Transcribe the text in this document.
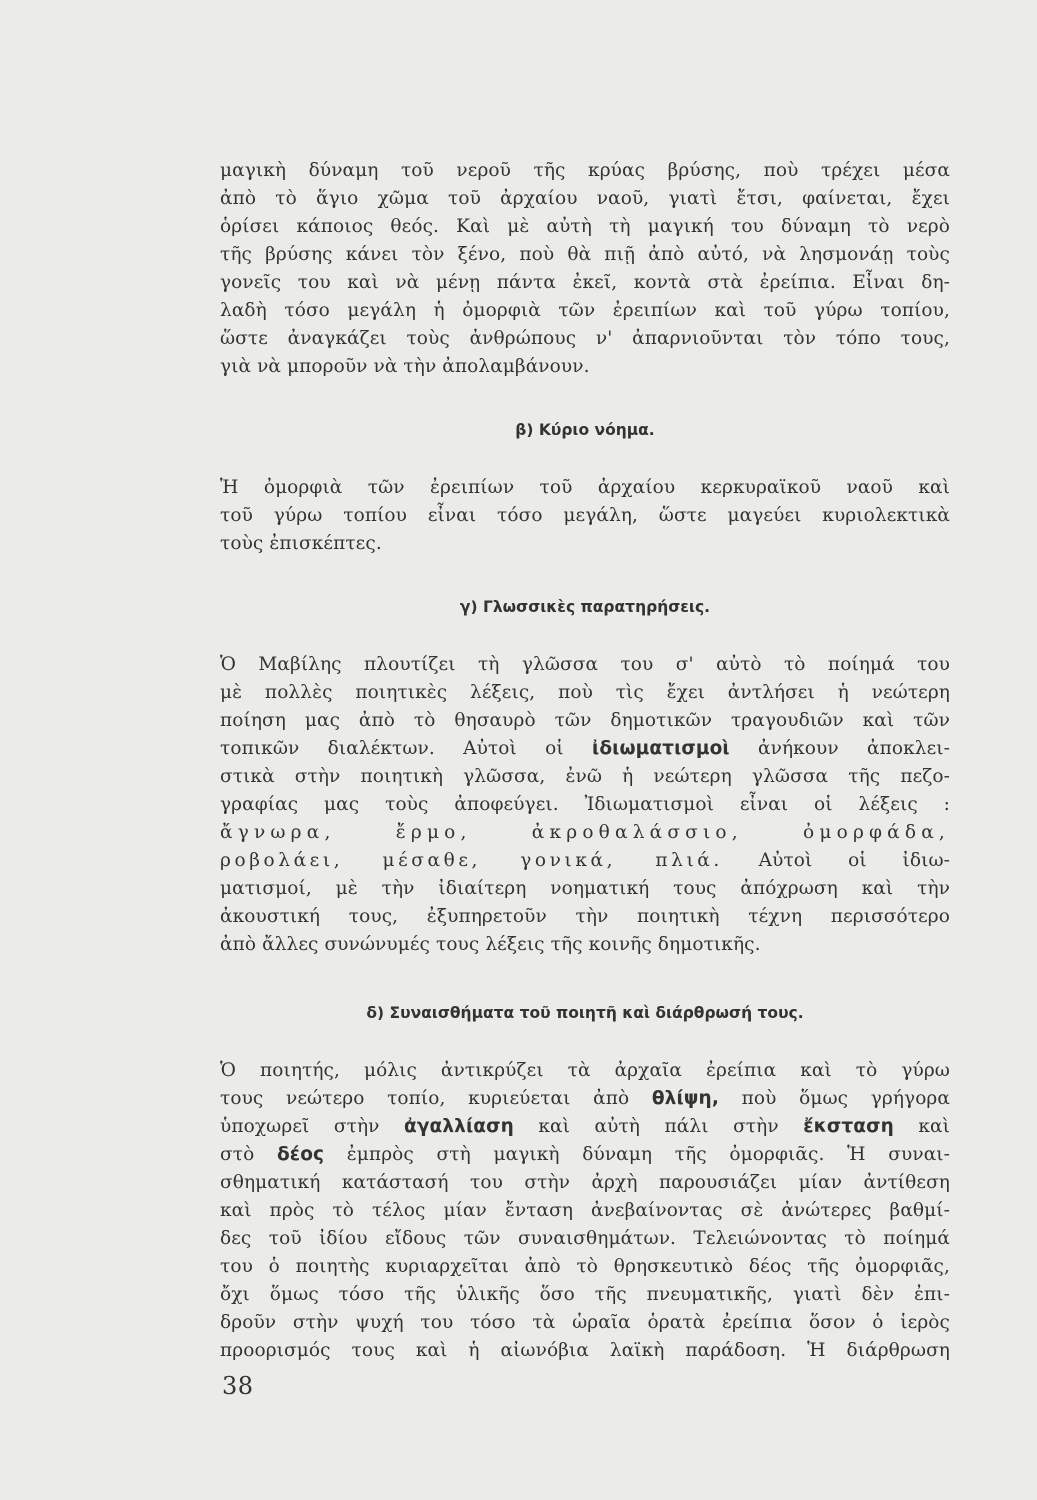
μαγικὴ δύναμη τοῦ νεροῦ τῆς κρύας βρύσης, ποὺ τρέχει μέσα
ἀπὸ τὸ ἅγιο χῶμα τοῦ ἀρχαίου ναοῦ, γιατὶ ἔτσι, φαίνεται, ἔχει
ὁρίσει κάποιος θεός. Καὶ μὲ αὐτὴ τὴ μαγική του δύναμη τὸ νερὸ
τῆς βρύσης κάνει τὸν ξένο, ποὺ θὰ πιῇ ἀπὸ αὐτό, νὰ λησμονάῃ τοὺς
γονεῖς του καὶ νὰ μένῃ πάντα ἐκεῖ, κοντὰ στὰ ἐρείπια. Εἶναι δη-
λαδὴ τόσο μεγάλη ἡ ὀμορφιὰ τῶν ἐρειπίων καὶ τοῦ γύρω τοπίου,
ὥστε ἀναγκάζει τοὺς ἀνθρώπους ν' ἀπαρνιοῦνται τὸν τόπο τους,
γιὰ νὰ μποροῦν νὰ τὴν ἀπολαμβάνουν.
β) Κύριο νόημα.
Ἡ ὀμορφιὰ τῶν ἐρειπίων τοῦ ἀρχαίου κερκυραϊκοῦ ναοῦ καὶ
τοῦ γύρω τοπίου εἶναι τόσο μεγάλη, ὥστε μαγεύει κυριολεκτικὰ
τοὺς ἐπισκέπτες.
γ) Γλωσσικὲς παρατηρήσεις.
Ὁ Μαβίλης πλουτίζει τὴ γλῶσσα του σ' αὐτὸ τὸ ποίημά του
μὲ πολλὲς ποιητικὲς λέξεις, ποὺ τὶς ἔχει ἀντλήσει ἡ νεώτερη
ποίηση μας ἀπὸ τὸ θησαυρὸ τῶν δημοτικῶν τραγουδιῶν καὶ τῶν
τοπικῶν διαλέκτων. Αὐτοὶ οἱ ἰδιωματισμοὶ ἀνήκουν ἀποκλει-
στικὰ στὴν ποιητικὴ γλῶσσα, ἐνῶ ἡ νεώτερη γλῶσσα τῆς πεζο-
γραφίας μας τοὺς ἀποφεύγει. Ἰδιωματισμοὶ εἶναι οἱ λέξεις :
ἄγνωρα, ἔρμο, ἀκροθαλάσσιο, ὀμορφάδα,
ροβολάει, μέσαθε, γονικά, πλιά. Αὐτοὶ οἱ ἰδιω-
ματισμοί, μὲ τὴν ἰδιαίτερη νοηματική τους ἀπόχρωση καὶ τὴν
ἀκουστική τους, ἐξυπηρετοῦν τὴν ποιητικὴ τέχνη περισσότερο
ἀπὸ ἄλλες συνώνυμές τους λέξεις τῆς κοινῆς δημοτικῆς.
δ) Συναισθήματα τοῦ ποιητῆ καὶ διάρθρωσή τους.
Ὁ ποιητής, μόλις ἀντικρύζει τὰ ἀρχαῖα ἐρείπια καὶ τὸ γύρω
τους νεώτερο τοπίο, κυριεύεται ἀπὸ θλίψη, ποὺ ὅμως γρήγορα
ὑποχωρεῖ στὴν ἀγαλλίαση καὶ αὐτὴ πάλι στὴν ἔκσταση καὶ
στὸ δέος ἐμπρὸς στὴ μαγικὴ δύναμη τῆς ὀμορφιᾶς. Ἡ συναι-
σθηματική κατάστασή του στὴν ἀρχὴ παρουσιάζει μίαν ἀντίθεση
καὶ πρὸς τὸ τέλος μίαν ἔνταση ἀνεβαίνοντας σὲ ἀνώτερες βαθμί-
δες τοῦ ἰδίου εἴδους τῶν συναισθημάτων. Τελειώνοντας τὸ ποίημά
του ὁ ποιητὴς κυριαρχεῖται ἀπὸ τὸ θρησκευτικὸ δέος τῆς ὀμορφιᾶς,
ὄχι ὅμως τόσο τῆς ὑλικῆς ὅσο τῆς πνευματικῆς, γιατὶ δὲν ἐπι-
δροῦν στὴν ψυχή του τόσο τὰ ὡραῖα ὁρατὰ ἐρείπια ὅσον ὁ ἱερὸς
προορισμός τους καὶ ἡ αἰωνόβια λαϊκὴ παράδοση. Ἡ διάρθρωση
38
